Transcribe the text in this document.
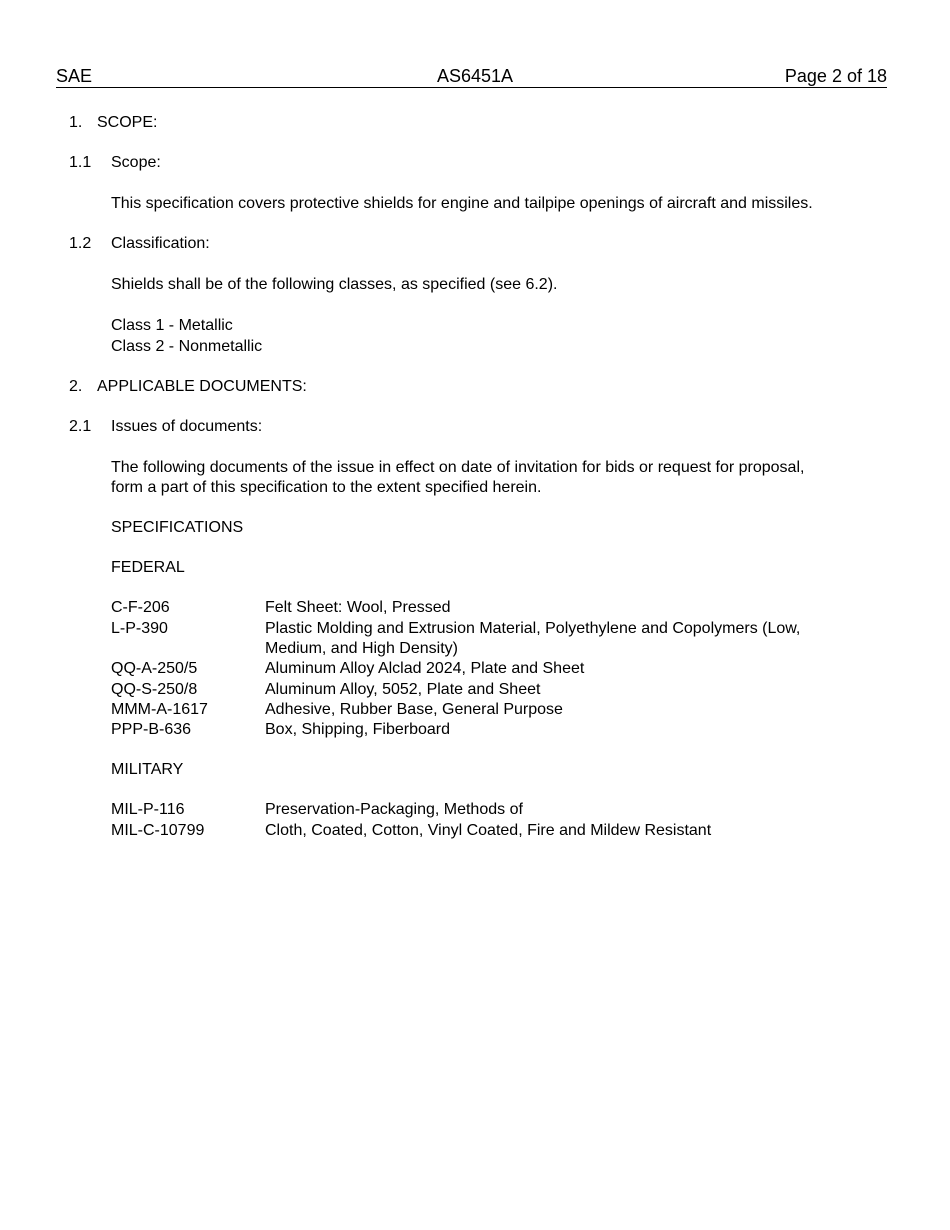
SAE	AS6451A	Page 2 of 18
1. SCOPE:
1.1 Scope:
This specification covers protective shields for engine and tailpipe openings of aircraft and missiles.
1.2 Classification:
Shields shall be of the following classes, as specified (see 6.2).
Class 1 - Metallic
Class 2 - Nonmetallic
2. APPLICABLE DOCUMENTS:
2.1 Issues of documents:
The following documents of the issue in effect on date of invitation for bids or request for proposal,
form a part of this specification to the extent specified herein.
SPECIFICATIONS
FEDERAL
C-F-206	Felt Sheet: Wool, Pressed
L-P-390	Plastic Molding and Extrusion Material, Polyethylene and Copolymers (Low, Medium, and High Density)
QQ-A-250/5	Aluminum Alloy Alclad 2024, Plate and Sheet
QQ-S-250/8	Aluminum Alloy, 5052, Plate and Sheet
MMM-A-1617	Adhesive, Rubber Base, General Purpose
PPP-B-636	Box, Shipping, Fiberboard
MILITARY
MIL-P-116	Preservation-Packaging, Methods of
MIL-C-10799	Cloth, Coated, Cotton, Vinyl Coated, Fire and Mildew Resistant
